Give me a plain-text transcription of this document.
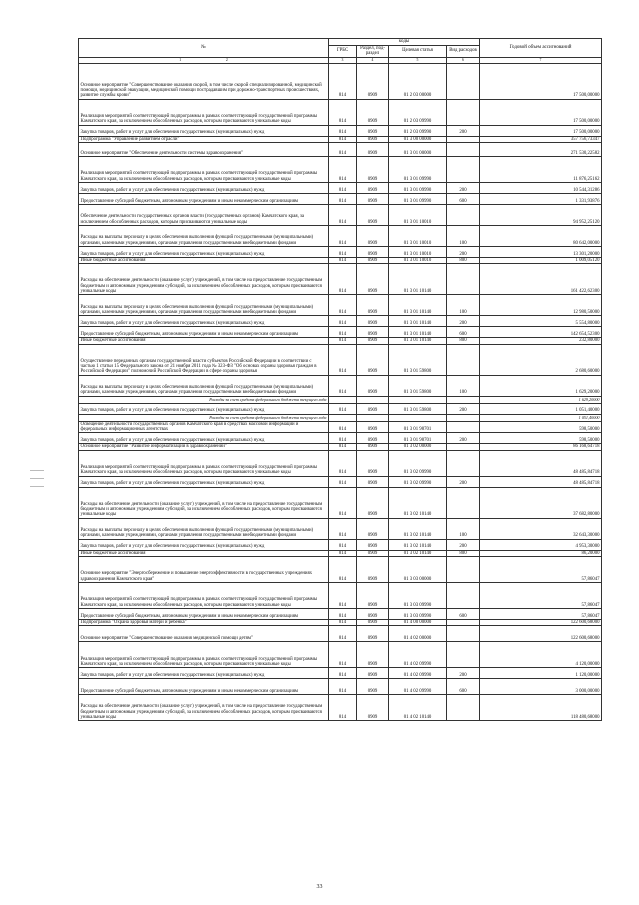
№	коды				Годовой объем ассигнований
	ГРБС	Раздел, под-раздел	Целевая статья	Вид расходов	
1 2	3	4	5	6	7
Основное мероприятие "Совершенствование оказания скорой, в том числе скорой специализированной, медицинской помощи, медицинской эвакуации, медицинской помощи пострадавшим при дорожно-транспортных происшествиях, развитие службы крови"	814	0909	01 2 03 00000		17 500,00000
Реализация мероприятий соответствующей подпрограммы в рамках соответствующей государственной программы Камчатского края, за исключением обособленных расходов, которым присваиваются уникальные коды	814	0909	01 2 03 09990		17 500,00000
Закупка товаров, работ и услуг для обеспечения государственных (муниципальных) нужд	814	0909	01 2 03 09990	200	17 500,00000
Подпрограмма "Управление развитием отрасли"	814	0909	01 3 00 00000		357 756,73347
Основное мероприятие "Обеспечение деятельности системы здравоохранения"	814	0909	01 3 01 00000		271 530,22582
Реализация мероприятий соответствующей подпрограммы в рамках соответствующей государственной программы Камчатского края, за исключением обособленных расходов, которым присваиваются уникальные коды	814	0909	01 3 01 09990		11 876,25162
Закупка товаров, работ и услуг для обеспечения государственных (муниципальных) нужд	814	0909	01 3 01 09990	200	10 544,31286
Предоставление субсидий бюджетным, автономным учреждениям и иным некоммерческим организациям	814	0909	01 3 01 09990	600	1 331,93876
Обеспечение деятельности государственных органов власти (государственных органов) Камчатского края, за исключением обособленных расходов, которым присваиваются уникальные коды	814	0909	01 3 01 10010		94 952,25120
Расходы на выплаты персоналу в целях обеспечения выполнения функций государственными (муниципальными) органами, казенными учреждениями, органами управления государственными внебюджетными фондами	814	0909	01 3 01 10010	100	80 642,00000
Закупка товаров, работ и услуг для обеспечения государственных (муниципальных) нужд	814	0909	01 3 01 10010	200	13 301,20000
Иные бюджетные ассигнования	814	0909	01 3 01 10010	800	1 009,05120
Расходы на обеспечение деятельности (оказание услуг) учреждений, в том числе на предоставление государственным бюджетным и автономным учреждениям субсидий, за исключением обособленных расходов, которым присваиваются уникальные коды	814	0909	01 3 01 10140		161 422,62300
Расходы на выплаты персоналу в целях обеспечения выполнения функций государственными (муниципальными) органами, казенными учреждениями, органами управления государственными внебюджетными фондами	814	0909	01 3 01 10140	100	12 980,50000
Закупка товаров, работ и услуг для обеспечения государственных (муниципальных) нужд	814	0909	01 3 01 10140	200	5 554,80000
Предоставление субсидий бюджетным, автономным учреждениям и иным некоммерческим организациям	814	0909	01 3 01 10140	600	142 654,52300
Иные бюджетные ассигнования	814	0909	01 3 01 10140	800	232,80000
Осуществление переданных органам государственной власти субъектов Российской Федерации в соответствии с частью 1 статьи 15 Федерального закона от 21 ноября 2011 года № 323-ФЗ "Об основах охраны здоровья граждан в Российской Федерации" полномочий Российской Федерации в сфере охраны здоровья	814	0909	01 3 01 59800		2 680,60000
Расходы на выплаты персоналу в целях обеспечения выполнения функций государственными (муниципальными) органами, казенными учреждениями, органами управления государственными внебюджетными фондами	814	0909	01 3 01 59800	100	1 629,20000
Расходы за счет средств федерального бюджета текущего года					1 629,20000
Закупка товаров, работ и услуг для обеспечения государственных (муниципальных) нужд	814	0909	01 3 01 59800	200	1 051,40000
Расходы за счет средств федерального бюджета текущего года					1 051,40000
Освещение деятельности государственных органов Камчатского края в средствах массовой информации и федеральных информационных агентствах	814	0909	01 3 01 98701		598,50000
Закупка товаров, работ и услуг для обеспечения государственных (муниципальных) нужд	814	0909	01 3 01 98701	200	598,50000
Основное мероприятие "Развитие информатизации в здравоохранении"	814	0909	01 3 02 00000		86 168,64718
Реализация мероприятий соответствующей подпрограммы в рамках соответствующей государственной программы Камчатского края, за исключением обособленных расходов, которым присваиваются уникальные коды	814	0909	01 3 02 09990		48 485,84718
Закупка товаров, работ и услуг для обеспечения государственных (муниципальных) нужд	814	0909	01 3 02 09990	200	48 485,84718
Расходы на обеспечение деятельности (оказание услуг) учреждений, в том числе на предоставление государственным бюджетным и автономным учреждениям субсидий, за исключением обособленных расходов, которым присваиваются уникальные коды	814	0909	01 3 02 10140		37 682,80000
Расходы на выплаты персоналу в целях обеспечения выполнения функций государственными (муниципальными) органами, казенными учреждениями, органами управления государственными внебюджетными фондами	814	0909	01 3 02 10140	100	32 643,30000
Закупка товаров, работ и услуг для обеспечения государственных (муниципальных) нужд	814	0909	01 3 02 10140	200	4 953,30000
Иные бюджетные ассигнования	814	0909	01 3 02 10140	800	86,20000
Основное мероприятие "Энергосбережение и повышение энергоэффективности в государственных учреждениях здравоохранения Камчатского края"	814	0909	01 3 03 00000		57,86047
Реализация мероприятий соответствующей подпрограммы в рамках соответствующей государственной программы Камчатского края, за исключением обособленных расходов, которым присваиваются уникальные коды	814	0909	01 3 03 09990		57,86047
Предоставление субсидий бюджетным, автономным учреждениям и иным некоммерческим организациям	814	0909	01 3 03 09990	600	57,86047
Подпрограмма "Охрана здоровья матери и ребенка"	814	0909	01 4 00 00000		122 600,68000
Основное мероприятие "Совершенствование оказания медицинской помощи детям"	814	0909	01 4 02 00000		122 600,68000
Реализация мероприятий соответствующей подпрограммы в рамках соответствующей государственной программы Камчатского края, за исключением обособленных расходов, которым присваиваются уникальные коды	814	0909	01 4 02 09990		4 120,00000
Закупка товаров, работ и услуг для обеспечения государственных (муниципальных) нужд	814	0909	01 4 02 09990	200	1 120,00000
Предоставление субсидий бюджетным, автономным учреждениям и иным некоммерческим организациям	814	0909	01 4 02 09990	600	3 000,00000
Расходы на обеспечение деятельности (оказание услуг) учреждений, в том числе на предоставление государственным бюджетным и автономным учреждениям субсидий, за исключением обособленных расходов, которым присваиваются уникальные коды	814	0909	01 4 02 10140		118 480,68000
33
